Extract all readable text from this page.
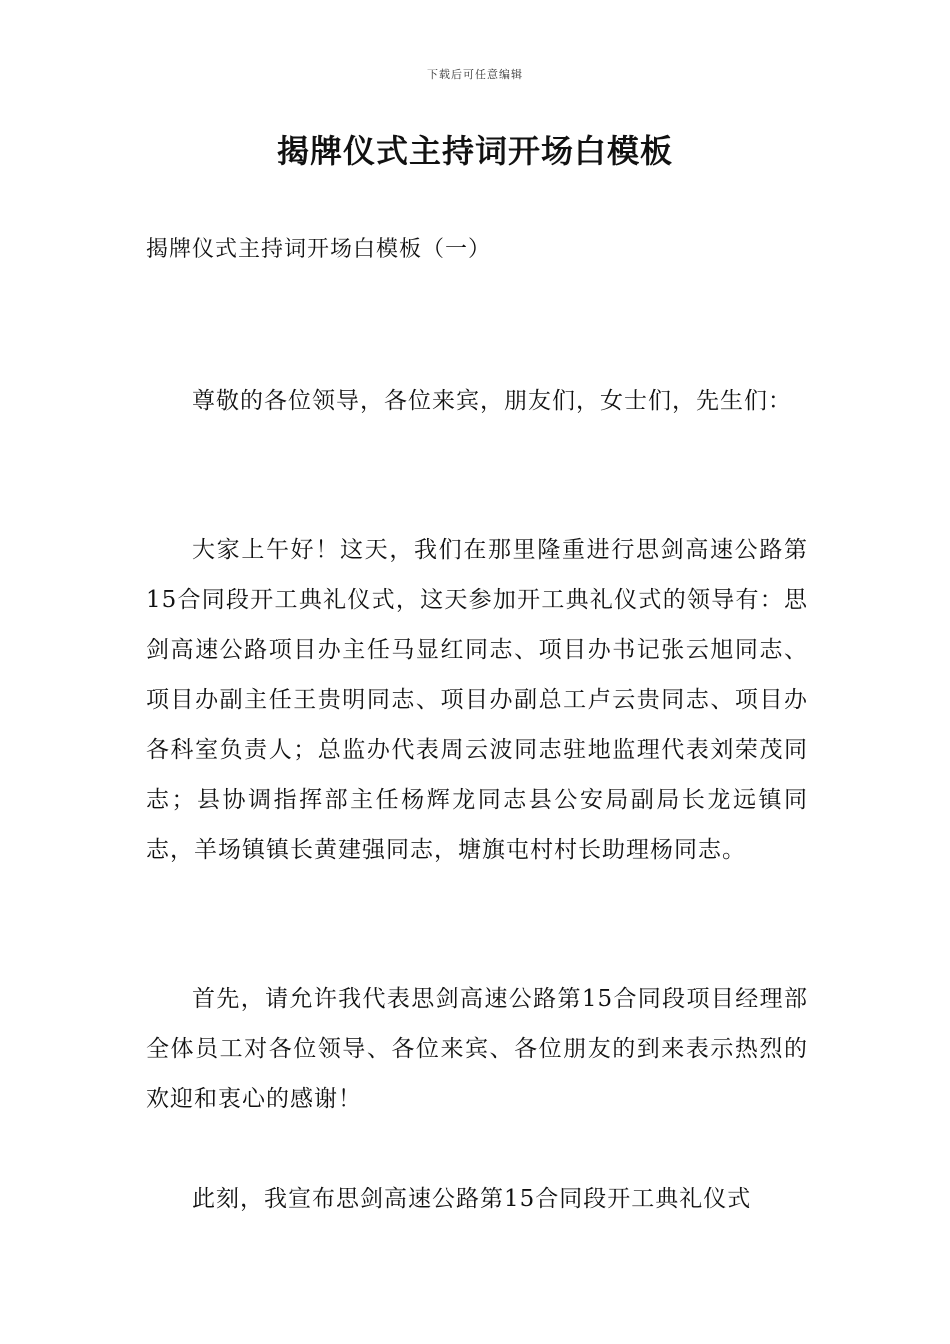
下载后可任意编辑
揭牌仪式主持词开场白模板

揭牌仪式主持词开场白模板（一）

尊敬的各位领导，各位来宾，朋友们，女士们，先生们：

大家上午好！这天，我们在那里隆重进行思剑高速公路第15合同段开工典礼仪式，这天参加开工典礼仪式的领导有：思剑高速公路项目办主任马显红同志、项目办书记张云旭同志、项目办副主任王贵明同志、项目办副总工卢云贵同志、项目办各科室负责人；总监办代表周云波同志驻地监理代表刘荣茂同志；县协调指挥部主任杨辉龙同志县公安局副局长龙远镇同志，羊场镇镇长黄建强同志，塘旗屯村村长助理杨同志。

首先，请允许我代表思剑高速公路第15合同段项目经理部全体员工对各位领导、各位来宾、各位朋友的到来表示热烈的欢迎和衷心的感谢！

此刻，我宣布思剑高速公路第15合同段开工典礼仪式
